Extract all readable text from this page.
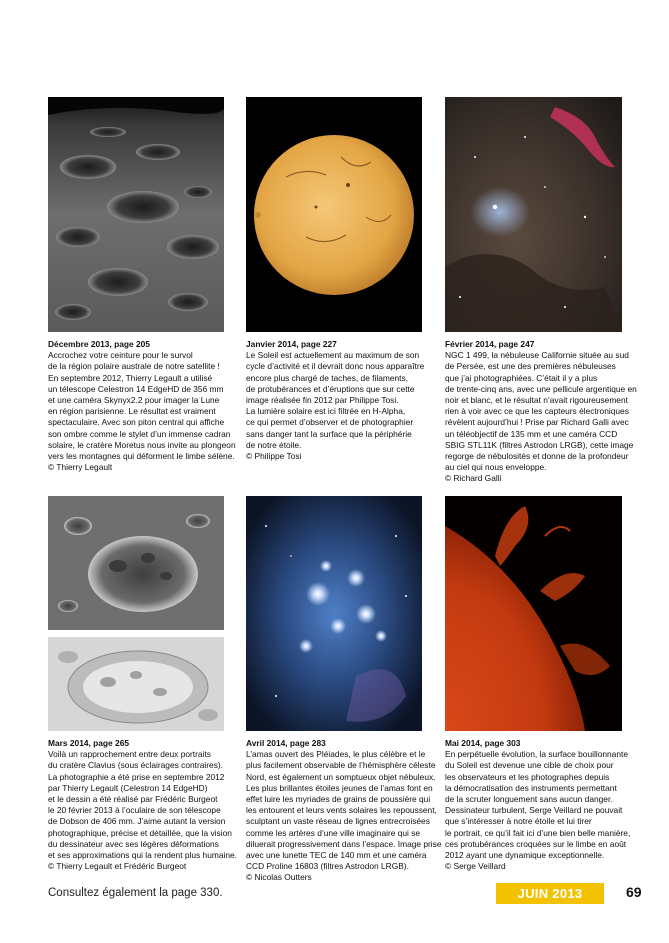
Décembre 2013, page 205
Accrochez votre ceinture pour le survol
de la région polaire australe de notre satellite !
En septembre 2012, Thierry Legault a utilisé
un télescope Celestron 14 EdgeHD de 356 mm
et une caméra Skynyx2.2 pour imager la Lune
en région parisienne. Le résultat est vraiment
spectaculaire. Avec son piton central qui affiche
son ombre comme le stylet d’un immense cadran
solaire, le cratère Moretus nous invite au plongeon
vers les montagnes qui déforment le limbe sélène.
© Thierry Legault
Janvier 2014, page 227
Le Soleil est actuellement au maximum de son
cycle d’activité et il devrait donc nous apparaître
encore plus chargé de taches, de filaments,
de protubérances et d’éruptions que sur cette
image réalisée fin 2012 par Philippe Tosi.
La lumière solaire est ici filtrée en H-Alpha,
ce qui permet d’observer et de photographier
sans danger tant la surface que la périphérie
de notre étoile.
© Philippe Tosi
Février 2014, page 247
NGC 1 499, la nébuleuse Californie située au sud
de Persée, est une des premières nébuleuses
que j’ai photographiées. C’était il y a plus
de trente-cinq ans, avec une pellicule argentique en
noir et blanc, et le résultat n’avait rigoureusement
rien à voir avec ce que les capteurs électroniques
révèlent aujourd’hui ! Prise par Richard Galli avec
un téléobjectif de 135 mm et une caméra CCD
SBIG STL11K (filtres Astrodon LRGB), cette image
regorge de nébulosités et donne de la profondeur
au ciel qui nous enveloppe.
© Richard Galli
Mars 2014, page 265
Voilà un rapprochement entre deux portraits
du cratère Clavius (sous éclairages contraires).
La photographie a été prise en septembre 2012
par Thierry Legault (Celestron 14 EdgeHD)
et le dessin a été réalisé par Frédéric Burgeot
le 20 février 2013 à l’oculaire de son télescope
de Dobson de 406 mm. J’aime autant la version
photographique, précise et détaillée, que la vision
du dessinateur avec ses légères déformations
et ses approximations qui la rendent plus humaine.
© Thierry Legault et Frédéric Burgeot
Avril 2014, page 283
L’amas ouvert des Pléiades, le plus célèbre et le
plus facilement observable de l’hémisphère céleste
Nord, est également un somptueux objet nébuleux.
Les plus brillantes étoiles jeunes de l’amas font en
effet luire les myriades de grains de poussière qui
les entourent et leurs vents solaires les repoussent,
sculptant un vaste réseau de lignes entrecroisées
comme les artères d’une ville imaginaire qui se
diluerait progressivement dans l’espace. Image prise
avec une lunette TEC de 140 mm et une caméra
CCD Proline 16803 (filtres Astrodon LRGB).
© Nicolas Outters
Mai 2014, page 303
En perpétuelle évolution, la surface bouillonnante
du Soleil est devenue une cible de choix pour
les observateurs et les photographes depuis
la démocratisation des instruments permettant
de la scruter longuement sans aucun danger.
Dessinateur turbulent, Serge Veillard ne pouvait
que s’intéresser à notre étoile et lui tirer
le portrait, ce qu’il fait ici d’une bien belle manière,
ces protubérances croquées sur le limbe en août
2012 ayant une dynamique exceptionnelle.
© Serge Veillard
Consultez également la page 330.	JUIN 2013	69
